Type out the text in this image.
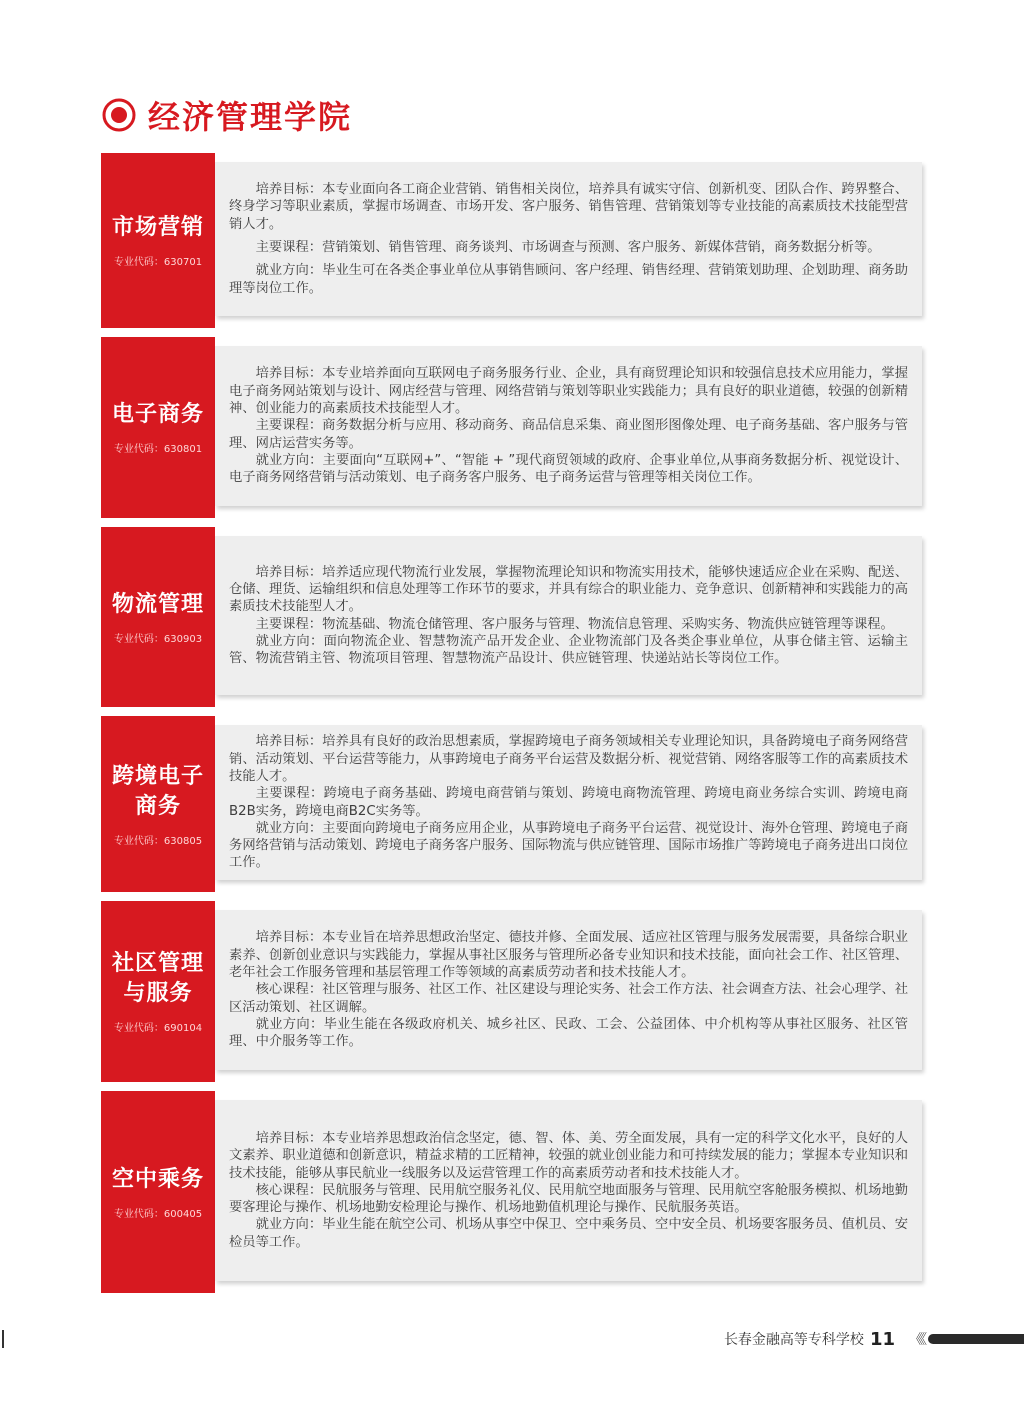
经济管理学院
市场营销
专业代码：630701

培养目标：本专业面向各工商企业营销、销售相关岗位，培养具有诚实守信、创新机变、团队合作、跨界整合、终身学习等职业素质，掌握市场调查、市场开发、客户服务、销售管理、营销策划等专业技能的高素质技术技能型营销人才。

主要课程：营销策划、销售管理、商务谈判、市场调查与预测、客户服务、新媒体营销，商务数据分析等。

就业方向：毕业生可在各类企事业单位从事销售顾问、客户经理、销售经理、营销策划助理、企划助理、商务助理等岗位工作。

电子商务
专业代码：630801

培养目标：本专业培养面向互联网电子商务服务行业、企业，具有商贸理论知识和较强信息技术应用能力，掌握电子商务网站策划与设计、网店经营与管理、网络营销与策划等职业实践能力；具有良好的职业道德，较强的创新精神、创业能力的高素质技术技能型人才。

主要课程：商务数据分析与应用、移动商务、商品信息采集、商业图形图像处理、电子商务基础、客户服务与管理、网店运营实务等。

就业方向：主要面向“互联网+”、“智能 + ”现代商贸领域的政府、企事业单位,从事商务数据分析、视觉设计、电子商务网络营销与活动策划、电子商务客户服务、电子商务运营与管理等相关岗位工作。

物流管理
专业代码：630903

培养目标：培养适应现代物流行业发展，掌握物流理论知识和物流实用技术，能够快速适应企业在采购、配送、仓储、理货、运输组织和信息处理等工作环节的要求，并具有综合的职业能力、竞争意识、创新精神和实践能力的高素质技术技能型人才。

主要课程：物流基础、物流仓储管理、客户服务与管理、物流信息管理、采购实务、物流供应链管理等课程。

就业方向：面向物流企业、智慧物流产品开发企业、企业物流部门及各类企事业单位，从事仓储主管、运输主管、物流营销主管、物流项目管理、智慧物流产品设计、供应链管理、快递站站长等岗位工作。

跨境电子商务
专业代码：630805

培养目标：培养具有良好的政治思想素质，掌握跨境电子商务领域相关专业理论知识，具备跨境电子商务网络营销、活动策划、平台运营等能力，从事跨境电子商务平台运营及数据分析、视觉营销、网络客服等工作的高素质技术技能人才。

主要课程：跨境电子商务基础、跨境电商营销与策划、跨境电商物流管理、跨境电商业务综合实训、跨境电商B2B实务，跨境电商B2C实务等。

就业方向：主要面向跨境电子商务应用企业，从事跨境电子商务平台运营、视觉设计、海外仓管理、跨境电子商务网络营销与活动策划、跨境电子商务客户服务、国际物流与供应链管理、国际市场推广等跨境电子商务进出口岗位工作。

社区管理与服务
专业代码：690104

培养目标：本专业旨在培养思想政治坚定、德技并修、全面发展、适应社区管理与服务发展需要，具备综合职业素养、创新创业意识与实践能力，掌握从事社区服务与管理所必备专业知识和技术技能，面向社会工作、社区管理、老年社会工作服务管理和基层管理工作等领域的高素质劳动者和技术技能人才。

核心课程：社区管理与服务、社区工作、社区建设与理论实务、社会工作方法、社会调查方法、社会心理学、社区活动策划、社区调解。

就业方向：毕业生能在各级政府机关、城乡社区、民政、工会、公益团体、中介机构等从事社区服务、社区管理、中介服务等工作。

空中乘务
专业代码：600405

培养目标：本专业培养思想政治信念坚定，德、智、体、美、劳全面发展，具有一定的科学文化水平，良好的人文素养、职业道德和创新意识，精益求精的工匠精神，较强的就业创业能力和可持续发展的能力；掌握本专业知识和技术技能，能够从事民航业一线服务以及运营管理工作的高素质劳动者和技术技能人才。

核心课程：民航服务与管理、民用航空服务礼仪、民用航空地面服务与管理、民用航空客舱服务模拟、机场地勤要客理论与操作、机场地勤安检理论与操作、机场地勤值机理论与操作、民航服务英语。

就业方向：毕业生能在航空公司、机场从事空中保卫、空中乘务员、空中安全员、机场要客服务员、值机员、安检员等工作。

长春金融高等专科学校 11 《《
